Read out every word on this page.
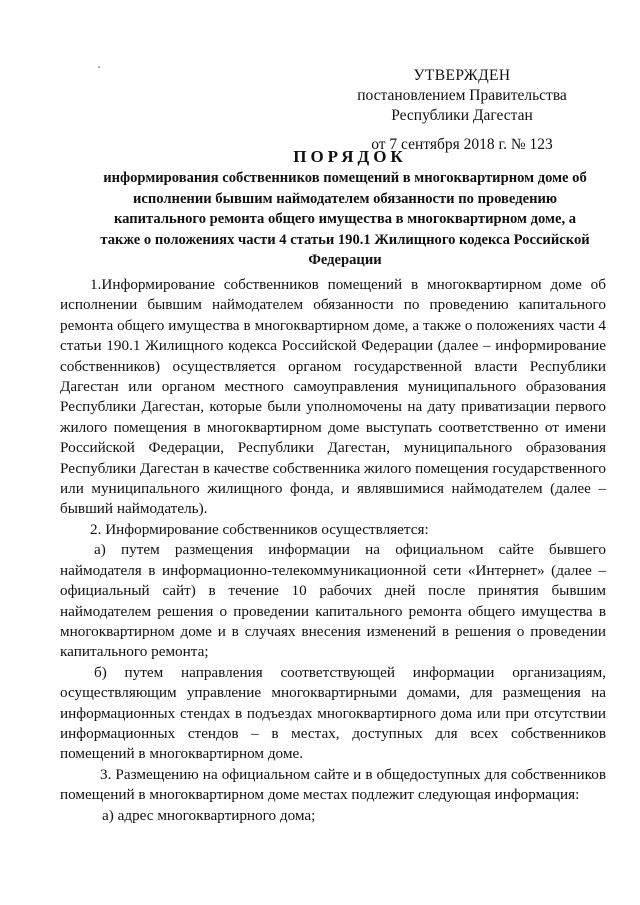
УТВЕРЖДЕН
постановлением Правительства
Республики Дагестан
от 7 сентября 2018 г. № 123
ПОРЯДОК
информирования собственников помещений в многоквартирном доме об исполнении бывшим наймодателем обязанности по проведению капитального ремонта общего имущества в многоквартирном доме, а также о положениях части 4 статьи 190.1 Жилищного кодекса Российской Федерации

1.Информирование собственников помещений в многоквартирном доме об исполнении бывшим наймодателем обязанности по проведению капитального ремонта общего имущества в многоквартирном доме, а также о положениях части 4 статьи 190.1 Жилищного кодекса Российской Федерации (далее – информирование собственников) осуществляется органом государственной власти Республики Дагестан или органом местного самоуправления муниципального образования Республики Дагестан, которые были уполномочены на дату приватизации первого жилого помещения в многоквартирном доме выступать соответственно от имени Российской Федерации, Республики Дагестан, муниципального образования Республики Дагестан в качестве собственника жилого помещения государственного или муниципального жилищного фонда, и являвшимися наймодателем (далее – бывший наймодатель).

2. Информирование собственников осуществляется:

а) путем размещения информации на официальном сайте бывшего наймодателя в информационно-телекоммуникационной сети «Интернет» (далее – официальный сайт) в течение 10 рабочих дней после принятия бывшим наймодателем решения о проведении капитального ремонта общего имущества в многоквартирном доме и в случаях внесения изменений в решения о проведении капитального ремонта;

б) путем направления соответствующей информации организациям, осуществляющим управление многоквартирными домами, для размещения на информационных стендах в подъездах многоквартирного дома или при отсутствии информационных стендов – в местах, доступных для всех собственников помещений в многоквартирном доме.

3. Размещению на официальном сайте и в общедоступных для собственников помещений в многоквартирном доме местах подлежит следующая информация:

а) адрес многоквартирного дома;
